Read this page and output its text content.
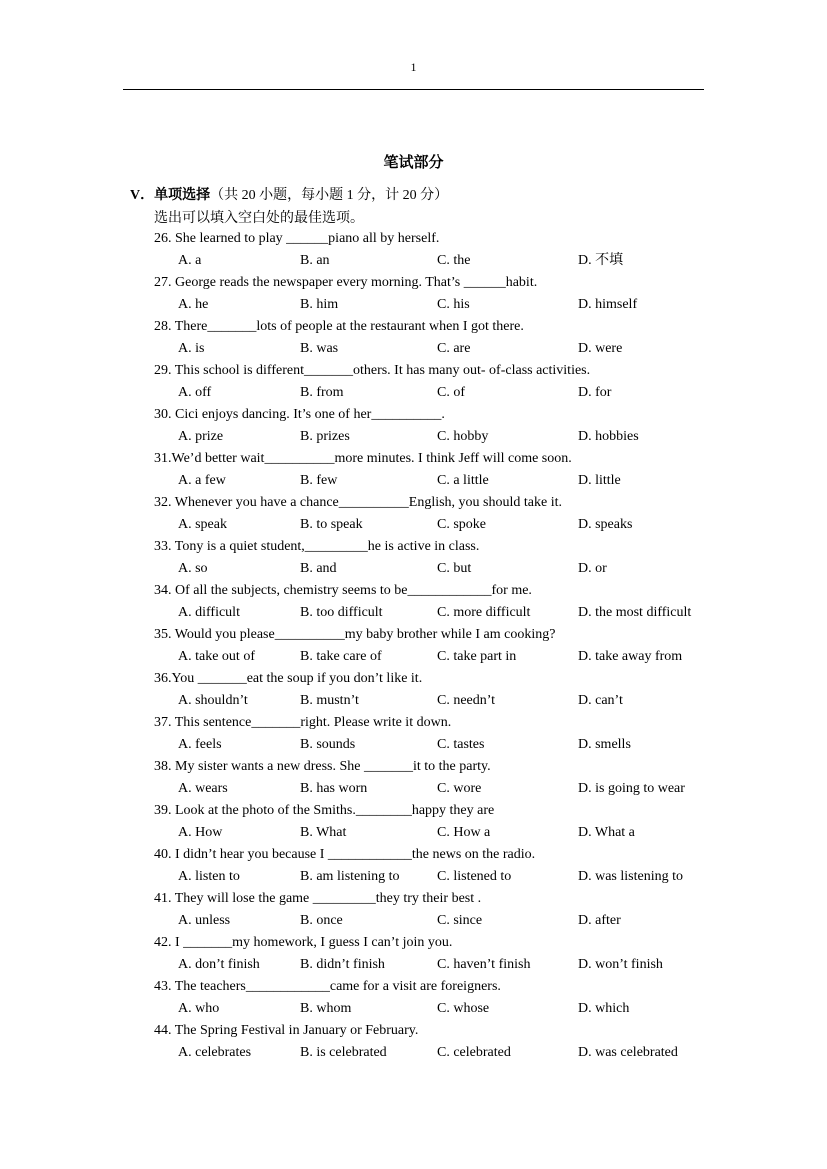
1
笔试部分
V．单项选择（共 20 小题，每小题 1 分，计 20 分）
选出可以填入空白处的最佳选项。
26. She learned to play ______piano all by herself.
A. a	B. an	C. the	D. 不填
27. George reads the newspaper every morning. That’s ______habit.
A. he	B. him	C. his	D. himself
28. There_______lots of people at the restaurant when I got there.
A. is	B. was	C. are	D. were
29. This school is different_______others. It has many out- of-class activities.
A. off	B. from	C. of	D. for
30. Cici enjoys dancing. It’s one of her__________.
A. prize	B. prizes	C. hobby	D. hobbies
31.We’d better wait__________more minutes. I think Jeff will come soon.
A. a few	B. few	C. a little	D. little
32. Whenever you have a chance__________English, you should take it.
A. speak	B. to speak	C. spoke	D. speaks
33. Tony is a quiet student,_________he is active in class.
A. so	B. and	C. but	D. or
34. Of all the subjects, chemistry seems to be____________for me.
A. difficult	B. too difficult	C. more difficult	D. the most difficult
35. Would you please__________my baby brother while I am cooking?
A. take out of	B. take care of	C. take part in	D. take away from
36.You _______eat the soup if you don’t like it.
A. shouldn’t	B. mustn’t	C. needn’t	D. can’t
37. This sentence_______right. Please write it down.
A. feels	B. sounds	C. tastes	D. smells
38. My sister wants a new dress. She _______it to the party.
A. wears	B. has worn	C. wore	D. is going to wear
39. Look at the photo of the Smiths.________happy they are
A. How	B. What	C. How a	D. What a
40. I didn’t hear you because I ____________the news on the radio.
A. listen to	B. am listening to	C. listened to	D. was listening to
41. They will lose the game _________they try their best .
A. unless	B. once	C. since	D. after
42. I _______my homework, I guess I can’t join you.
A. don’t finish	B. didn’t finish	C. haven’t finish	D. won’t finish
43. The teachers____________came for a visit are foreigners.
A. who	B. whom	C. whose	D. which
44. The Spring Festival in January or February.
A. celebrates	B. is celebrated	C. celebrated	D. was celebrated
